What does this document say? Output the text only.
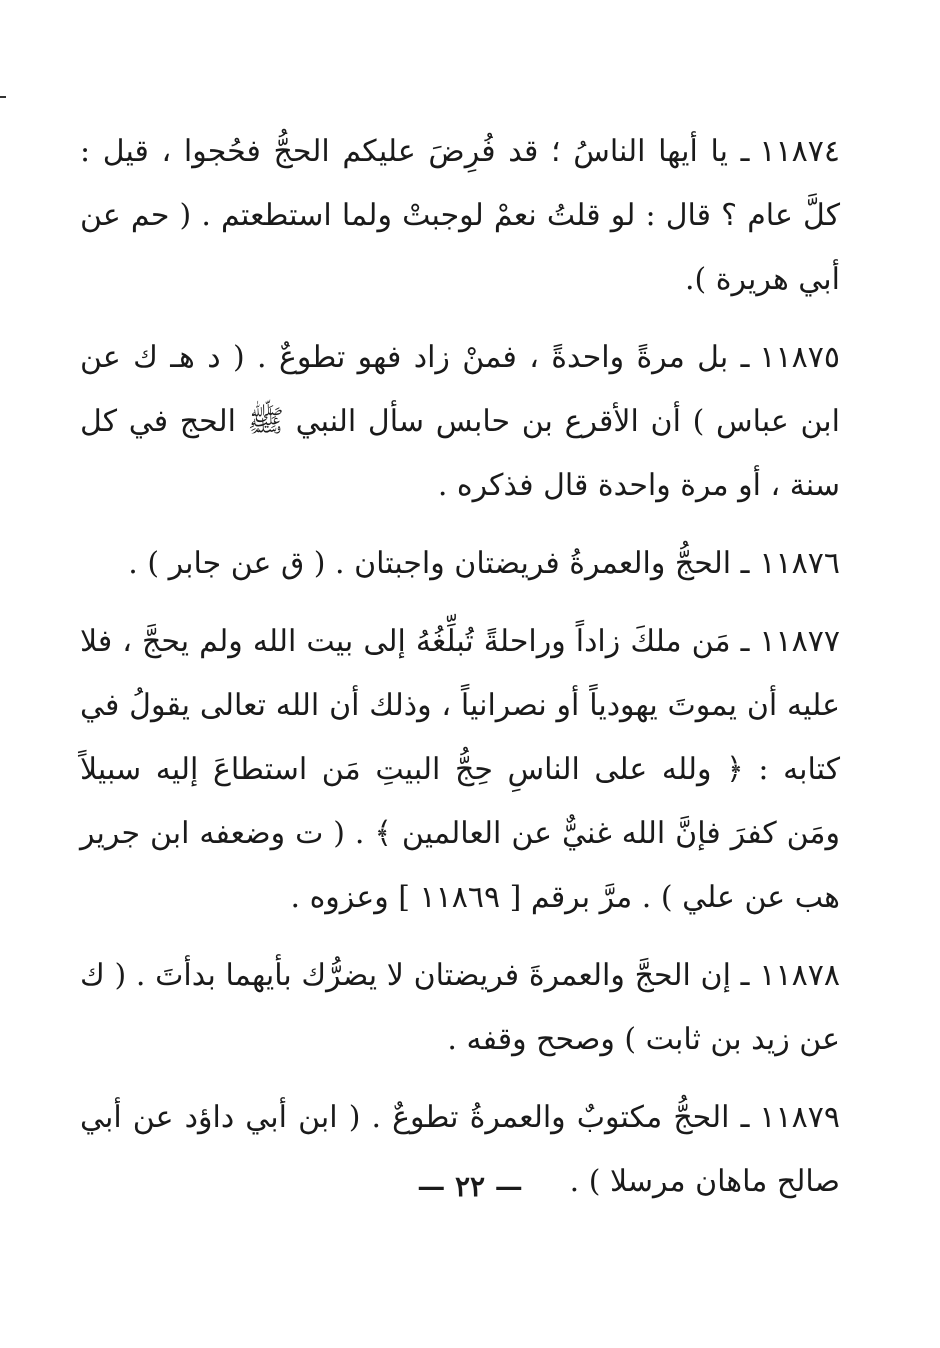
١١٨٧٤ـ يا أيها الناسُ ؛ قد فُرِضَ عليكم الحجُّ فحُجوا ، قيل : كلَّ عام ؟ قال : لو قلتُ نعمْ لوجبتْ ولما استطعتم . ( حم عن أبي هريرة ).

١١٨٧٥ـ بل مرةً واحدةً ، فمنْ زاد فهو تطوعٌ . ( د هـ ك عن ابن عباس ) أن الأقرع بن حابس سأل النبي ﷺ الحج في كل سنة ، أو مرة واحدة قال فذكره .

١١٨٧٦ـ الحجُّ والعمرةُ فريضتان واجبتان . ( ق عن جابر ) .

١١٨٧٧ـ مَن ملكَ زاداً وراحلةً تُبلِّغُهُ إلى بيت الله ولم يحجَّ ، فلا عليه أن يموتَ يهودياً أو نصرانياً ، وذلك أن الله تعالى يقولُ في كتابه : ﴿ ولله على الناسِ حِجُّ البيتِ مَن استطاعَ إليه سبيلاً ومَن كفرَ فإنَّ الله غنيٌّ عن العالمين ﴾ . ( ت وضعفه ابن جرير هب عن علي ) . مرَّ برقم [ ١١٨٦٩ ] وعزوه .

١١٨٧٨ـ إن الحجَّ والعمرةَ فريضتان لا يضرُّك بأيهما بدأتَ . ( ك عن زيد بن ثابت ) وصحح وقفه .

١١٨٧٩ـ الحجُّ مكتوبٌ والعمرةُ تطوعٌ . ( ابن أبي داؤد عن أبي صالح ماهان مرسلا ) .

— ٢٢ —
